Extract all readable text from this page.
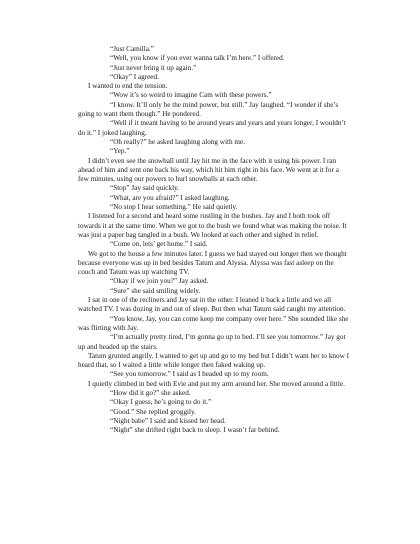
“Just Camilla.”

“Well, you know if you ever wanna talk I’m here.” I offered.

“Just never bring it up again.”

“Okay” I agreed.

I wanted to end the tension.

“Wow it’s so weird to imagine Cam with these powers.”

“I know. It’ll only be the mind power, but still.” Jay laughed. “I wonder if she’s going to want them though.” He pondered.

“Well if it meant having to be around years and years and years longer, I wouldn’t do it.” I joked laughing.

“Oh really?” he asked laughing along with me.

“Yep.”

I didn’t even see the snowball until Jay hit me in the face with it using his power. I ran ahead of him and sent one back his way, which hit him right in his face. We went at it for a few minutes, using our powers to hurl snowballs at each other.

“Stop” Jay said quickly.

“What, are you afraid?” I asked laughing.

“No stop I hear something.” He said quietly.

I listened for a second and heard some rustling in the bushes. Jay and I both took off towards it at the same time. When we got to the bush we found what was making the noise. It was just a paper bag tangled in a bush. We looked at each other and sighed in relief.

“Come on, lets’ get home.” I said.

We got to the house a few minutes later. I guess we had stayed out longer then we thought because everyone was up in bed besides Tatum and Alyssa. Alyssa was fast asleep on the couch and Tatum was up watching TV.

“Okay if we join you?” Jay asked.

“Sure” she said smiling widely.

I sat in one of the recliners and Jay sat in the other. I leaned it back a little and we all watched TV. I was dozing in and out of sleep. But then what Tatum said caught my attention.

“You know, Jay, you can come keep me company over here.” She sounded like she was flirting with Jay.

“I’m actually pretty tired, I’m gonna go up to bed. I’ll see you tomorrow.” Jay got up and headed up the stairs.

Tatum grunted angrily. I wanted to get up and go to my bed but I didn’t want her to know I heard that, so I waited a little while longer then faked waking up.

“See you tomorrow.” I said as I headed up to my room.

I quietly climbed in bed with Evie and put my arm around her. She moved around a little.

“How did it go?” she asked.

“Okay I guess, he’s going to do it.”

“Good.” She replied groggily.

“Night babe” I said and kissed her head.

“Night” she drifted right back to sleep. I wasn’t far behind.
